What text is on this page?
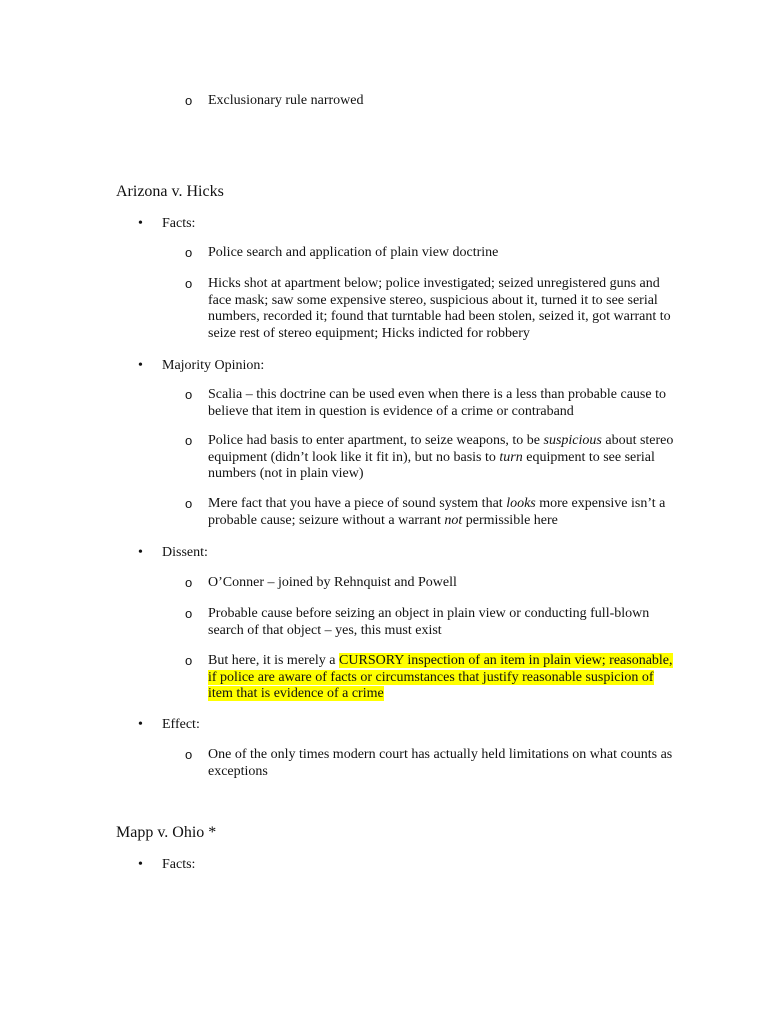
o Exclusionary rule narrowed
Arizona v. Hicks
• Facts:
o Police search and application of plain view doctrine
o Hicks shot at apartment below; police investigated; seized unregistered guns and face mask; saw some expensive stereo, suspicious about it, turned it to see serial numbers, recorded it; found that turntable had been stolen, seized it, got warrant to seize rest of stereo equipment; Hicks indicted for robbery
• Majority Opinion:
o Scalia – this doctrine can be used even when there is a less than probable cause to believe that item in question is evidence of a crime or contraband
o Police had basis to enter apartment, to seize weapons, to be suspicious about stereo equipment (didn’t look like it fit in), but no basis to turn equipment to see serial numbers (not in plain view)
o Mere fact that you have a piece of sound system that looks more expensive isn’t a probable cause; seizure without a warrant not permissible here
• Dissent:
o O’Conner – joined by Rehnquist and Powell
o Probable cause before seizing an object in plain view or conducting full-blown search of that object – yes, this must exist
o But here, it is merely a CURSORY inspection of an item in plain view; reasonable, if police are aware of facts or circumstances that justify reasonable suspicion of item that is evidence of a crime
• Effect:
o One of the only times modern court has actually held limitations on what counts as exceptions
Mapp v. Ohio *
• Facts:
